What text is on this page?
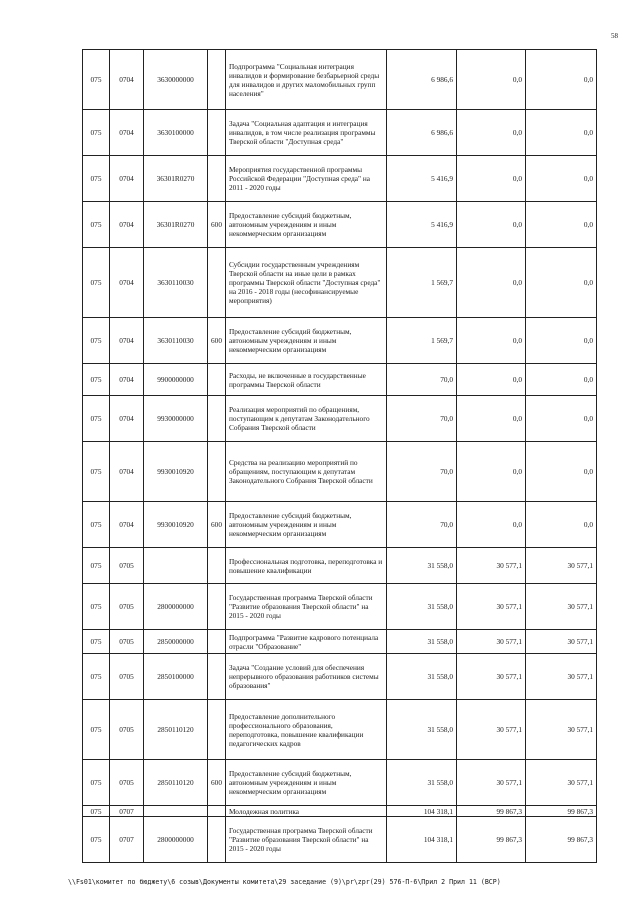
58
075	0704	3630000000		Подпрограмма "Социальная интеграция инвалидов и формирование безбарьерной среды для инвалидов и других маломобильных групп населения"	6 986,6	0,0	0,0
075	0704	3630100000		Задача "Социальная адаптация и интеграция инвалидов, в том числе реализация программы Тверской области "Доступная среда"	6 986,6	0,0	0,0
075	0704	36301R0270		Мероприятия государственной программы Российской Федерации "Доступная среда" на 2011 - 2020 годы	5 416,9	0,0	0,0
075	0704	36301R0270	600	Предоставление субсидий бюджетным, автономным учреждениям и иным некоммерческим организациям	5 416,9	0,0	0,0
075	0704	3630110030		Субсидии государственным учреждениям Тверской области на иные цели в рамках программы Тверской области "Доступная среда" на 2016 - 2018 годы (несофинансируемые мероприятия)	1 569,7	0,0	0,0
075	0704	3630110030	600	Предоставление субсидий бюджетным, автономным учреждениям и иным некоммерческим организациям	1 569,7	0,0	0,0
075	0704	9900000000		Расходы, не включенные в государственные программы Тверской области	70,0	0,0	0,0
075	0704	9930000000		Реализация мероприятий по обращениям, поступающим к депутатам Законодательного Собрания Тверской области	70,0	0,0	0,0
075	0704	9930010920		Средства на реализацию мероприятий по обращениям, поступающим к депутатам Законодательного Собрания Тверской области	70,0	0,0	0,0
075	0704	9930010920	600	Предоставление субсидий бюджетным, автономным учреждениям и иным некоммерческим организациям	70,0	0,0	0,0
075	0705			Профессиональная подготовка, переподготовка и повышение квалификации	31 558,0	30 577,1	30 577,1
075	0705	2800000000		Государственная программа Тверской области "Развитие образования Тверской области" на 2015 - 2020 годы	31 558,0	30 577,1	30 577,1
075	0705	2850000000		Подпрограмма "Развитие кадрового потенциала отрасли "Образование"	31 558,0	30 577,1	30 577,1
075	0705	2850100000		Задача "Создание условий для обеспечения непрерывного образования работников системы образования"	31 558,0	30 577,1	30 577,1
075	0705	2850110120		Предоставление дополнительного профессионального образования, переподготовка, повышение квалификации педагогических кадров	31 558,0	30 577,1	30 577,1
075	0705	2850110120	600	Предоставление субсидий бюджетным, автономным учреждениям и иным некоммерческим организациям	31 558,0	30 577,1	30 577,1
075	0707			Молодежная политика	104 318,1	99 867,3	99 867,3
075	0707	2800000000		Государственная программа Тверской области "Развитие образования Тверской области" на 2015 - 2020 годы	104 318,1	99 867,3	99 867,3
\\Fs01\комитет по бюджету\6 созыв\Документы комитета\29 заседание (9)\pr\zpr(29) 576-П-6\Прил 2 Прил 11 (ВСР)
